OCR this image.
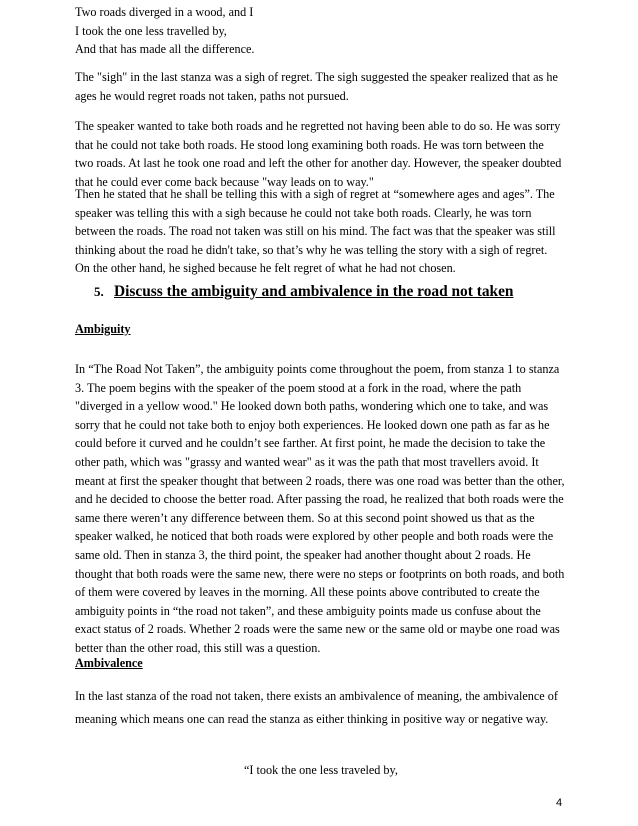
Two roads diverged in a wood, and I
I took the one less travelled by,
And that has made all the difference.

The "sigh" in the last stanza was a sigh of regret. The sigh suggested the speaker realized that as he ages he would regret roads not taken, paths not pursued.

The speaker wanted to take both roads and he regretted not having been able to do so. He was sorry that he could not take both roads. He stood long examining both roads. He was torn between the two roads. At last he took one road and left the other for another day. However, the speaker doubted that he could ever come back because "way leads on to way."

Then he stated that he shall be telling this with a sigh of regret at “somewhere ages and ages”. The speaker was telling this with a sigh because he could not take both roads. Clearly, he was torn between the roads. The road not taken was still on his mind. The fact was that the speaker was still thinking about the road he didn't take, so that’s why he was telling the story with a sigh of regret. On the other hand, he sighed because he felt regret of what he had not chosen.

5. Discuss the ambiguity and ambivalence in the road not taken
Ambiguity

In “The Road Not Taken”, the ambiguity points come throughout the poem, from stanza 1 to stanza 3. The poem begins with the speaker of the poem stood at a fork in the road, where the path "diverged in a yellow wood." He looked down both paths, wondering which one to take, and was sorry that he could not take both to enjoy both experiences. He looked down one path as far as he could before it curved and he couldn’t see farther. At first point, he made the decision to take the other path, which was "grassy and wanted wear" as it was the path that most travellers avoid. It meant at first the speaker thought that between 2 roads, there was one road was better than the other, and he decided to choose the better road. After passing the road, he realized that both roads were the same there weren’t any difference between them. So at this second point showed us that as the speaker walked, he noticed that both roads were explored by other people and both roads were the same old. Then in stanza 3, the third point, the speaker had another thought about 2 roads. He thought that both roads were the same new, there were no steps or footprints on both roads, and both of them were covered by leaves in the morning. All these points above contributed to create the ambiguity points in “the road not taken”, and these ambiguity points made us confuse about the exact status of 2 roads. Whether 2 roads were the same new or the same old or maybe one road was better than the other road, this still was a question.

Ambivalence

In the last stanza of the road not taken, there exists an ambivalence of meaning, the ambivalence of meaning which means one can read the stanza as either thinking in positive way or negative way.

“I took the one less traveled by,
4
